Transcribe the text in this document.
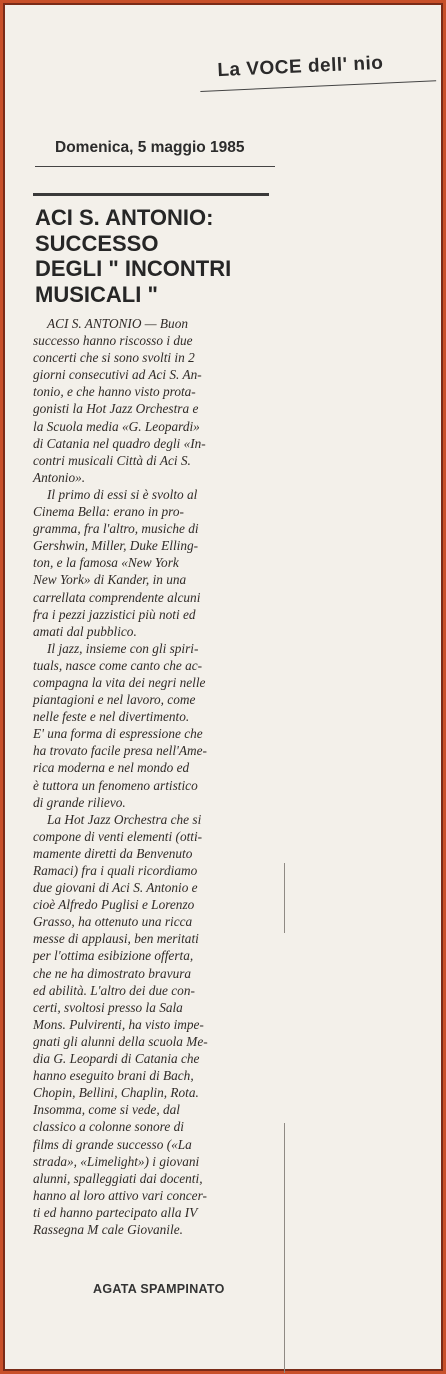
La VOCE dell' nio
Domenica, 5 maggio 1985
ACI S. ANTONIO:
SUCCESSO
DEGLI " INCONTRI
MUSICALI "
ACI S. ANTONIO — Buon
successo hanno riscosso i due
concerti che si sono svolti in 2
giorni consecutivi ad Aci S. An-
tonio, e che hanno visto prota-
gonisti la Hot Jazz Orchestra e
la Scuola media «G. Leopardi»
di Catania nel quadro degli «In-
contri musicali Città di Aci S.
Antonio».
Il primo di essi si è svolto al
Cinema Bella: erano in pro-
gramma, fra l'altro, musiche di
Gershwin, Miller, Duke Elling-
ton, e la famosa «New York
New York» di Kander, in una
carrellata comprendente alcuni
fra i pezzi jazzistici più noti ed
amati dal pubblico.
Il jazz, insieme con gli spiri-
tuals, nasce come canto che ac-
compagna la vita dei negri nelle
piantagioni e nel lavoro, come
nelle feste e nel divertimento.
E' una forma di espressione che
ha trovato facile presa nell'Ame-
rica moderna e nel mondo ed
è tuttora un fenomeno artistico
di grande rilievo.
La Hot Jazz Orchestra che si
compone di venti elementi (otti-
mamente diretti da Benvenuto
Ramaci) fra i quali ricordiamo
due giovani di Aci S. Antonio e
cioè Alfredo Puglisi e Lorenzo
Grasso, ha ottenuto una ricca
messe di applausi, ben meritati
per l'ottima esibizione offerta,
che ne ha dimostrato bravura
ed abilità. L'altro dei due con-
certi, svoltosi presso la Sala
Mons. Pulvirenti, ha visto impe-
gnati gli alunni della scuola Me-
dia G. Leopardi di Catania che
hanno eseguito brani di Bach,
Chopin, Bellini, Chaplin, Rota.
Insomma, come si vede, dal
classico a colonne sonore di
films di grande successo («La
strada», «Limelight») i giovani
alunni, spalleggiati dai docenti,
hanno al loro attivo vari concer-
ti ed hanno partecipato alla IV
Rassegna M cale Giovanile.
AGATA SPAMPINATO
